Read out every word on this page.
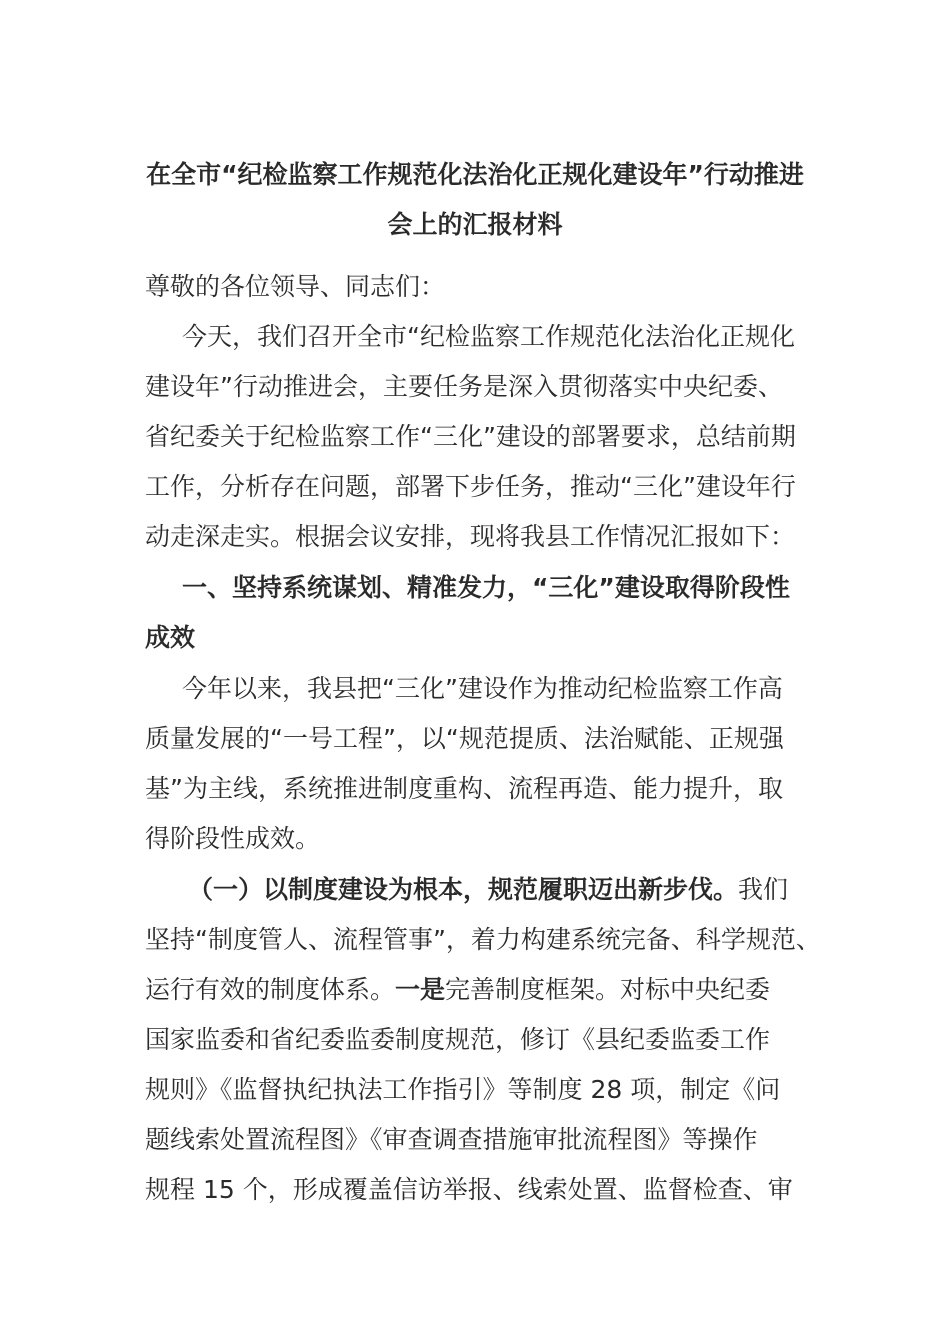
在全市“纪检监察工作规范化法治化正规化建设年”行动推进
会上的汇报材料
尊敬的各位领导、同志们：
今天，我们召开全市“纪检监察工作规范化法治化正规化
建设年”行动推进会，主要任务是深入贯彻落实中央纪委、
省纪委关于纪检监察工作“三化”建设的部署要求，总结前期
工作，分析存在问题，部署下步任务，推动“三化”建设年行
动走深走实。根据会议安排，现将我县工作情况汇报如下：
一、坚持系统谋划、精准发力，“三化”建设取得阶段性
成效
今年以来，我县把“三化”建设作为推动纪检监察工作高
质量发展的“一号工程”，以“规范提质、法治赋能、正规强
基”为主线，系统推进制度重构、流程再造、能力提升，取
得阶段性成效。
（一）以制度建设为根本，规范履职迈出新步伐。我们
坚持“制度管人、流程管事”，着力构建系统完备、科学规范、
运行有效的制度体系。一是完善制度框架。对标中央纪委
国家监委和省纪委监委制度规范，修订《县纪委监委工作
规则》《监督执纪执法工作指引》等制度 28 项，制定《问
题线索处置流程图》《审查调查措施审批流程图》等操作
规程 15 个，形成覆盖信访举报、线索处置、监督检查、审
